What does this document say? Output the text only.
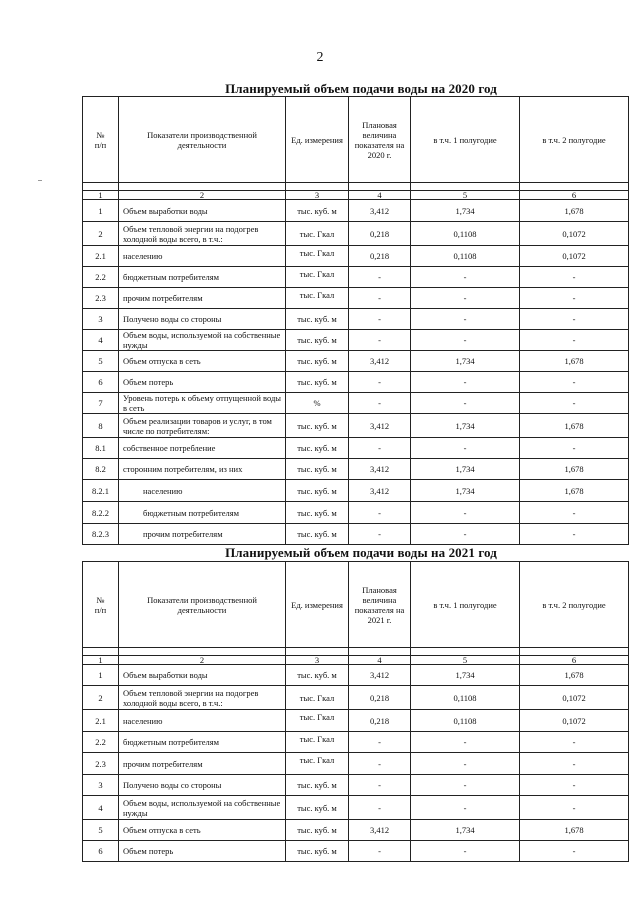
2
Планируемый объем подачи воды на 2020 год
Планируемый объем подачи воды на 2021 год
№
п/п	Показатели производственной деятельности	Ед. измерения	Плановая величина показателя на 2020 г.	в т.ч. 1 полугодие	в т.ч. 2 полугодие

1	2	3	4	5	6
1	Объем выработки воды	тыс. куб. м	3,412	1,734	1,678
2	Объем тепловой энергии на подогрев холодной воды всего, в т.ч.:	тыс. Гкал	0,218	0,1108	0,1072
2.1	населению	тыс. Гкал	0,218	0,1108	0,1072
2.2	бюджетным потребителям	тыс. Гкал	-	-	-
2.3	прочим потребителям	тыс. Гкал	-	-	-
3	Получено воды со стороны	тыс. куб. м	-	-	-
4	Объем воды, используемой на собственные нужды	тыс. куб. м	-	-	-
5	Объем отпуска в сеть	тыс. куб. м	3,412	1,734	1,678
6	Объем потерь	тыс. куб. м	-	-	-
7	Уровень потерь к объему отпущенной воды в сеть	%	-	-	-
8	Объем реализации товаров и услуг, в том числе по потребителям:	тыс. куб. м	3,412	1,734	1,678
8.1	собственное потребление	тыс. куб. м	-	-	-
8.2	сторонним потребителям, из них	тыс. куб. м	3,412	1,734	1,678
8.2.1	населению	тыс. куб. м	3,412	1,734	1,678
8.2.2	бюджетным потребителям	тыс. куб. м	-	-	-
8.2.3	прочим потребителям	тыс. куб. м	-	-	-
№
п/п	Показатели производственной деятельности	Ед. измерения	Плановая величина показателя на 2021 г.	в т.ч. 1 полугодие	в т.ч. 2 полугодие

1	2	3	4	5	6
1	Объем выработки воды	тыс. куб. м	3,412	1,734	1,678
2	Объем тепловой энергии на подогрев холодной воды всего, в т.ч.:	тыс. Гкал	0,218	0,1108	0,1072
2.1	населению	тыс. Гкал	0,218	0,1108	0,1072
2.2	бюджетным потребителям	тыс. Гкал	-	-	-
2.3	прочим потребителям	тыс. Гкал	-	-	-
3	Получено воды со стороны	тыс. куб. м	-	-	-
4	Объем воды, используемой на собственные нужды	тыс. куб. м	-	-	-
5	Объем отпуска в сеть	тыс. куб. м	3,412	1,734	1,678
6	Объем потерь	тыс. куб. м	-	-	-
